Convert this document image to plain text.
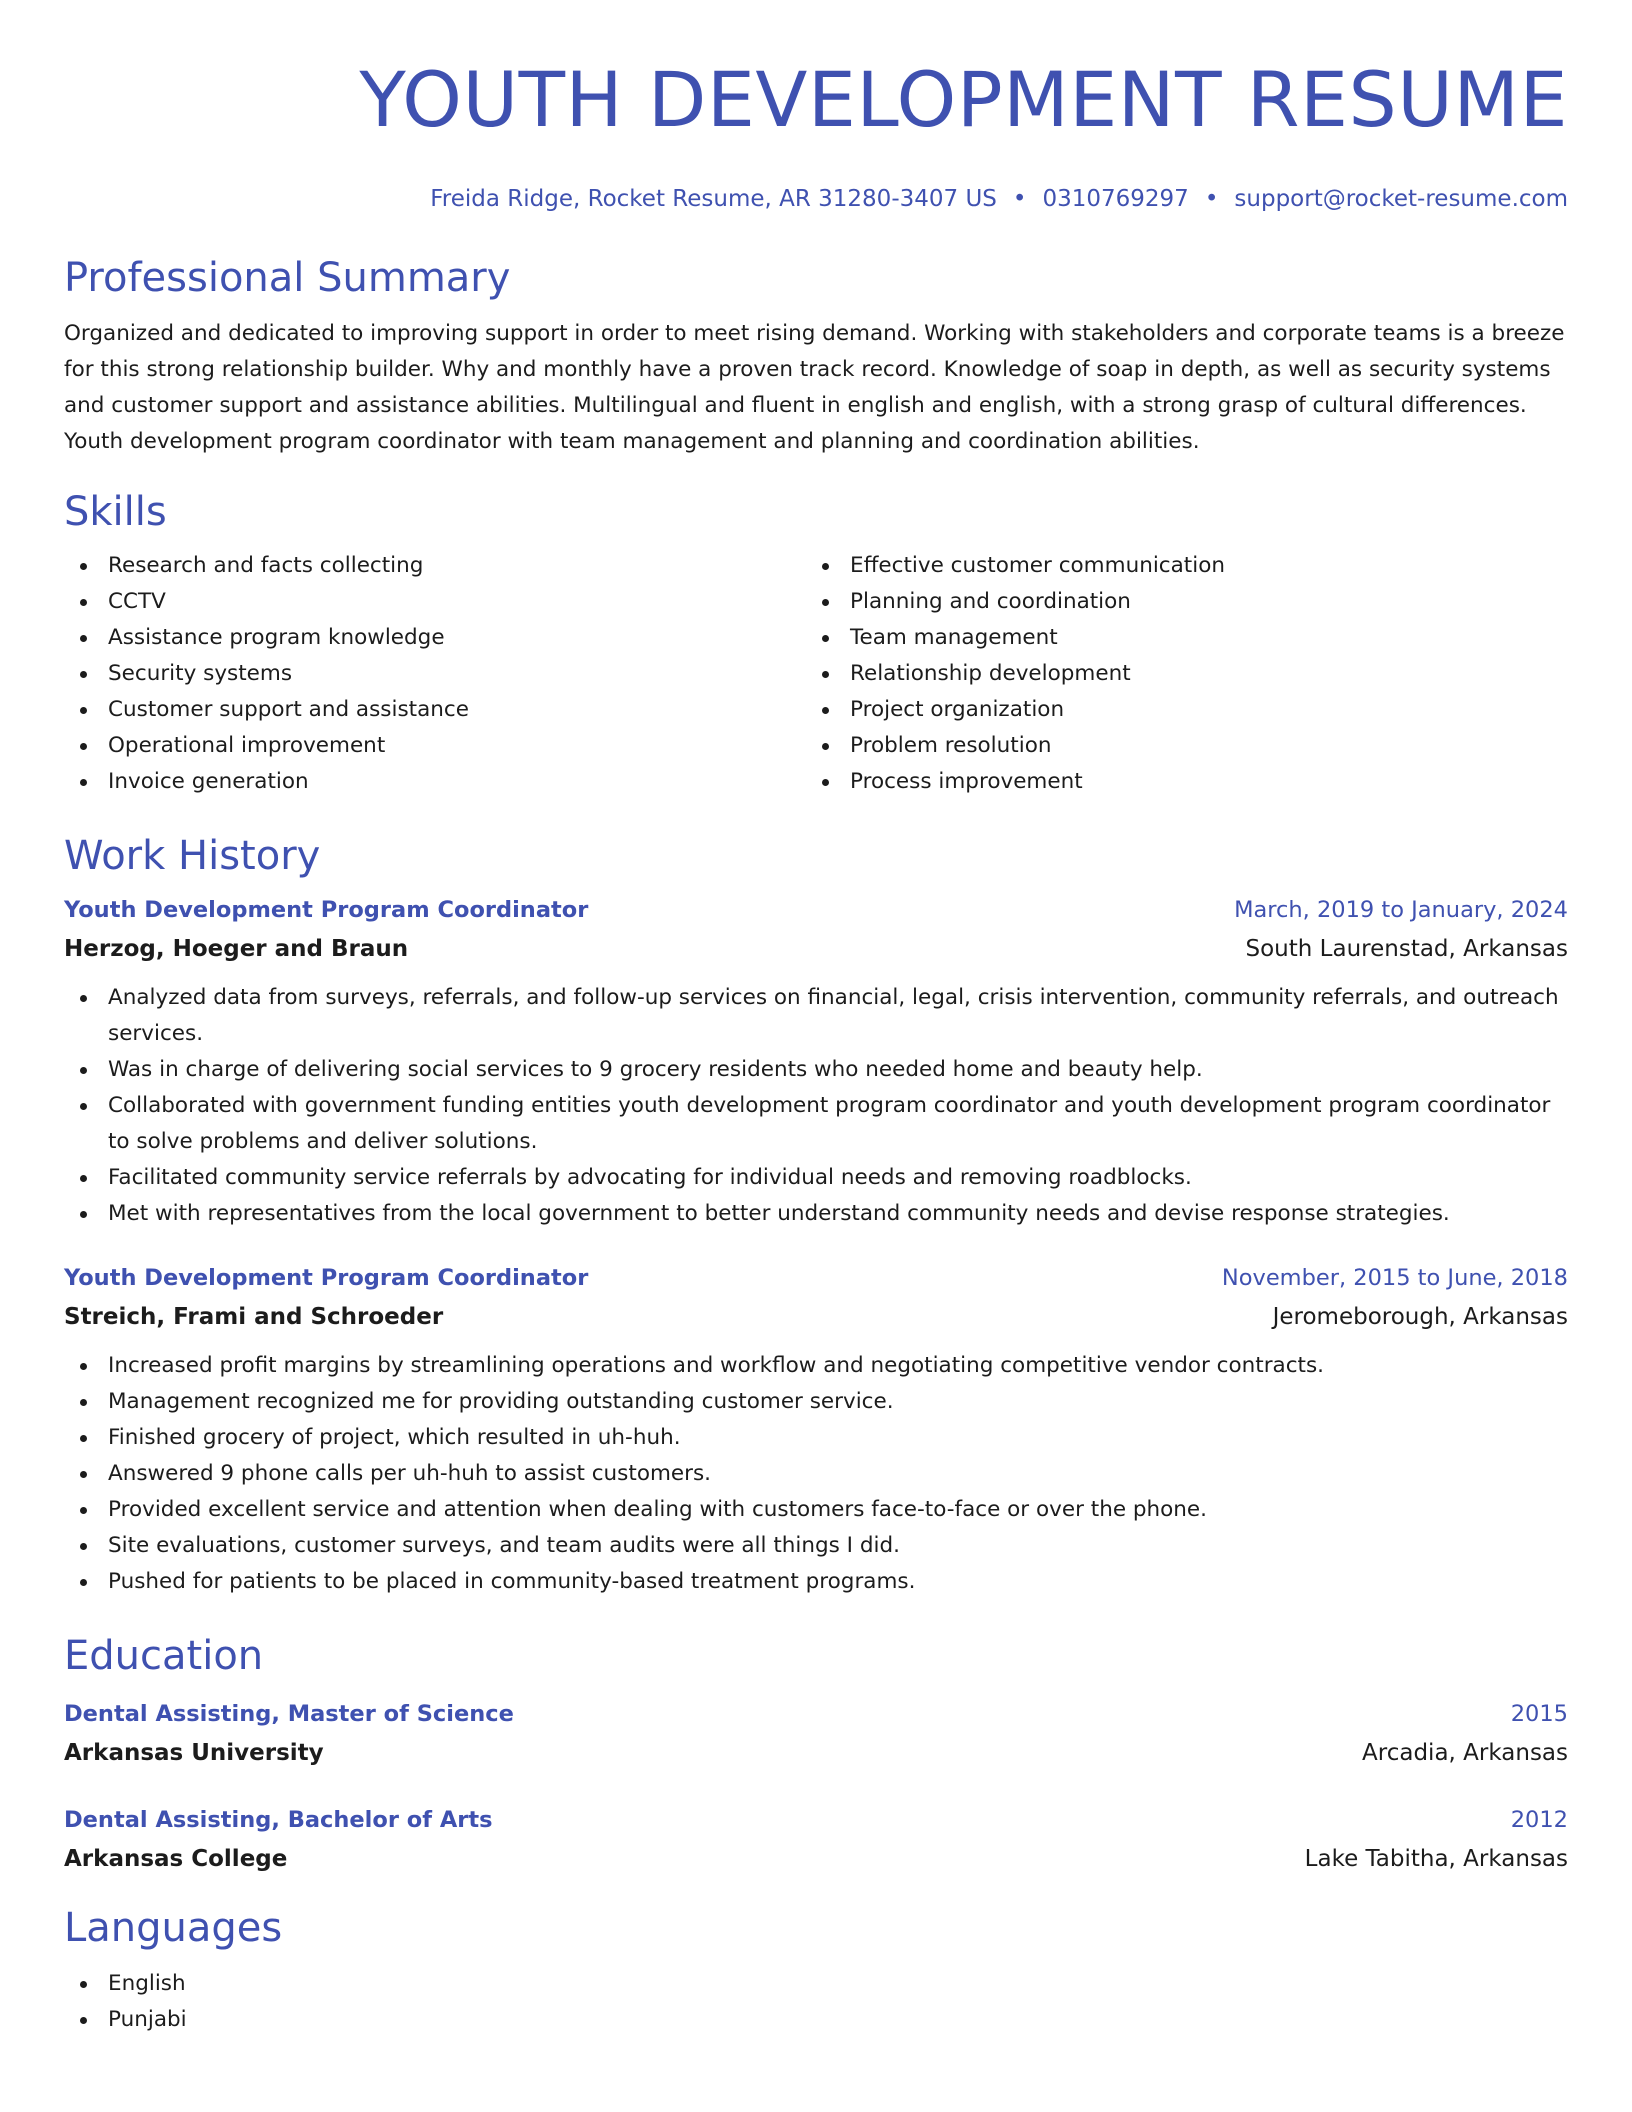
YOUTH DEVELOPMENT RESUME
Freida Ridge, Rocket Resume, AR 31280-3407 US • 0310769297 • support@rocket-resume.com
Professional Summary

Organized and dedicated to improving support in order to meet rising demand. Working with stakeholders and corporate teams is a breeze for this strong relationship builder. Why and monthly have a proven track record. Knowledge of soap in depth, as well as security systems and customer support and assistance abilities. Multilingual and fluent in english and english, with a strong grasp of cultural differences. Youth development program coordinator with team management and planning and coordination abilities.

Skills
Research and facts collecting
CCTV
Assistance program knowledge
Security systems
Customer support and assistance
Operational improvement
Invoice generation
Effective customer communication
Planning and coordination
Team management
Relationship development
Project organization
Problem resolution
Process improvement
Work History
Youth Development Program Coordinator	March, 2019 to January, 2024
Herzog, Hoeger and Braun	South Laurenstad, Arkansas
Analyzed data from surveys, referrals, and follow-up services on financial, legal, crisis intervention, community referrals, and outreach services.
Was in charge of delivering social services to 9 grocery residents who needed home and beauty help.
Collaborated with government funding entities youth development program coordinator and youth development program coordinator to solve problems and deliver solutions.
Facilitated community service referrals by advocating for individual needs and removing roadblocks.
Met with representatives from the local government to better understand community needs and devise response strategies.
Youth Development Program Coordinator	November, 2015 to June, 2018
Streich, Frami and Schroeder	Jeromeborough, Arkansas
Increased profit margins by streamlining operations and workflow and negotiating competitive vendor contracts.
Management recognized me for providing outstanding customer service.
Finished grocery of project, which resulted in uh-huh.
Answered 9 phone calls per uh-huh to assist customers.
Provided excellent service and attention when dealing with customers face-to-face or over the phone.
Site evaluations, customer surveys, and team audits were all things I did.
Pushed for patients to be placed in community-based treatment programs.
Education
Dental Assisting, Master of Science	2015
Arkansas University	Arcadia, Arkansas
Dental Assisting, Bachelor of Arts	2012
Arkansas College	Lake Tabitha, Arkansas
Languages
English
Punjabi
